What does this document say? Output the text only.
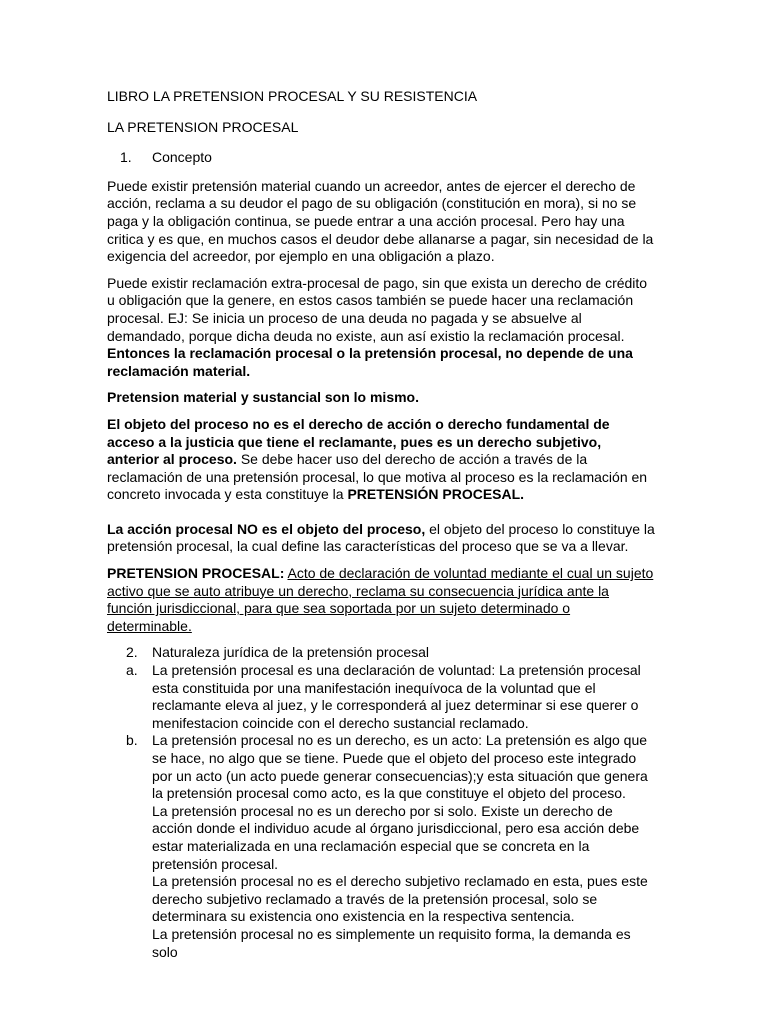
LIBRO LA PRETENSION PROCESAL Y SU RESISTENCIA

LA PRETENSION PROCESAL

1.	Concepto

Puede existir pretensión material cuando un acreedor, antes de ejercer el derecho de acción, reclama a su deudor el pago de su obligación (constitución en mora), si no se paga y la obligación continua, se puede entrar a una acción procesal. Pero hay una critica y es que, en muchos casos el deudor debe allanarse a pagar, sin necesidad de la exigencia del acreedor, por ejemplo en una obligación a plazo.

Puede existir reclamación extra-procesal de pago, sin que exista un derecho de crédito u obligación que la genere, en estos casos también se puede hacer una reclamación procesal. EJ: Se inicia un proceso de una deuda no pagada y se absuelve al demandado, porque dicha deuda no existe, aun así existio la reclamación procesal. Entonces la reclamación procesal o la pretensión procesal, no depende de una reclamación material.

Pretension material y sustancial son lo mismo.

El objeto del proceso no es el derecho de acción o derecho fundamental de acceso a la justicia que tiene el reclamante, pues es un derecho subjetivo, anterior al proceso. Se debe hacer uso del derecho de acción a través de la reclamación de una pretensión procesal, lo que motiva al proceso es la reclamación en concreto invocada y esta constituye la PRETENSIÓN PROCESAL.

La acción procesal NO es el objeto del proceso, el objeto del proceso lo constituye la pretensión procesal, la cual define las características del proceso que se va a llevar.

PRETENSION PROCESAL: Acto de declaración de voluntad mediante el cual un sujeto activo que se auto atribuye un derecho, reclama su consecuencia jurídica ante la función jurisdiccional, para que sea soportada por un sujeto determinado o determinable.

2.	Naturaleza jurídica de la pretensión procesal
a.	La pretensión procesal es una declaración de voluntad: La pretensión procesal esta constituida por una manifestación inequívoca de la voluntad que el reclamante eleva al juez, y le corresponderá al juez determinar si ese querer o menifestacion coincide con el derecho sustancial reclamado.
b.	La pretensión procesal no es un derecho, es un acto: La pretensión es algo que se hace, no algo que se tiene. Puede que el objeto del proceso este integrado por un acto (un acto puede generar consecuencias);y esta situación que genera la pretensión procesal como acto, es la que constituye el objeto del proceso.
La pretensión procesal no es un derecho por si solo. Existe un derecho de acción donde el individuo acude al órgano jurisdiccional, pero esa acción debe estar materializada en una reclamación especial que se concreta en la pretensión procesal.
La pretensión procesal no es el derecho subjetivo reclamado en esta, pues este derecho subjetivo reclamado a través de la pretensión procesal, solo se determinara su existencia ono existencia en la respectiva sentencia.
La pretensión procesal no es simplemente un requisito forma, la demanda es solo
